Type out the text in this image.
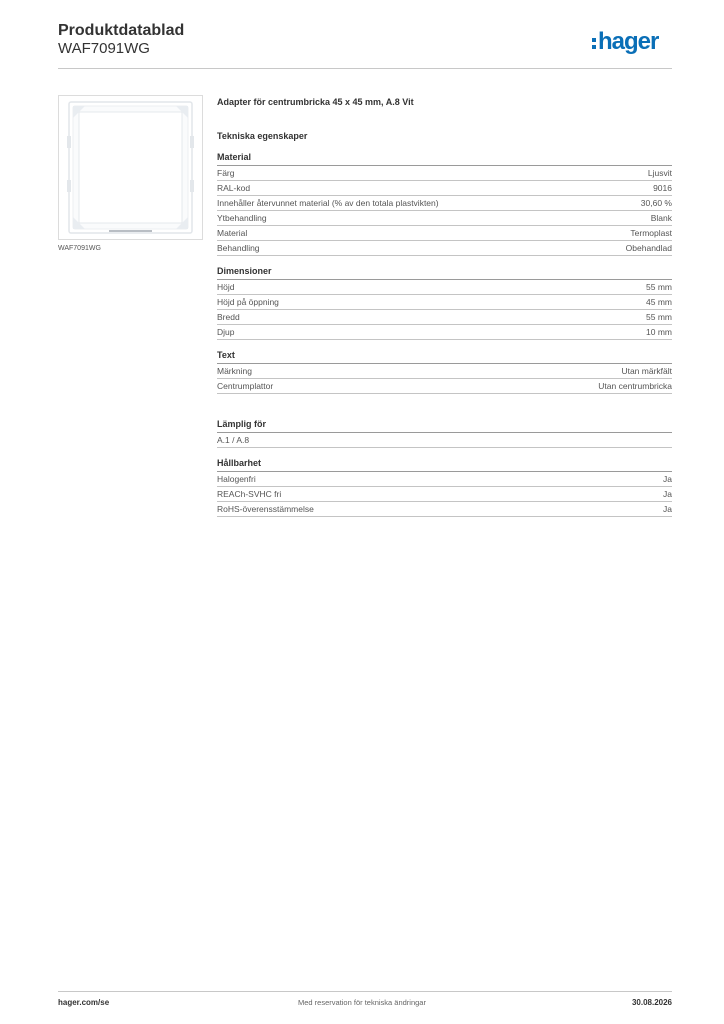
Produktdatablad
WAF7091WG	hager
WAF7091WG
Adapter för centrumbricka 45 x 45 mm, A.8 Vit
Tekniska egenskaper
Material
Färg	Ljusvit
RAL-kod	9016
Innehåller återvunnet material (% av den totala plastvikten)	30,60 %
Ytbehandling	Blank
Material	Termoplast
Behandling	Obehandlad
Dimensioner
Höjd	55 mm
Höjd på öppning	45 mm
Bredd	55 mm
Djup	10 mm
Text
Märkning	Utan märkfält
Centrumplattor	Utan centrumbricka
Lämplig för
A.1 / A.8
Hållbarhet
Halogenfri	Ja
REACh-SVHC fri	Ja
RoHS-överensstämmelse	Ja
hager.com/se	Med reservation för tekniska ändringar	30.08.2026
